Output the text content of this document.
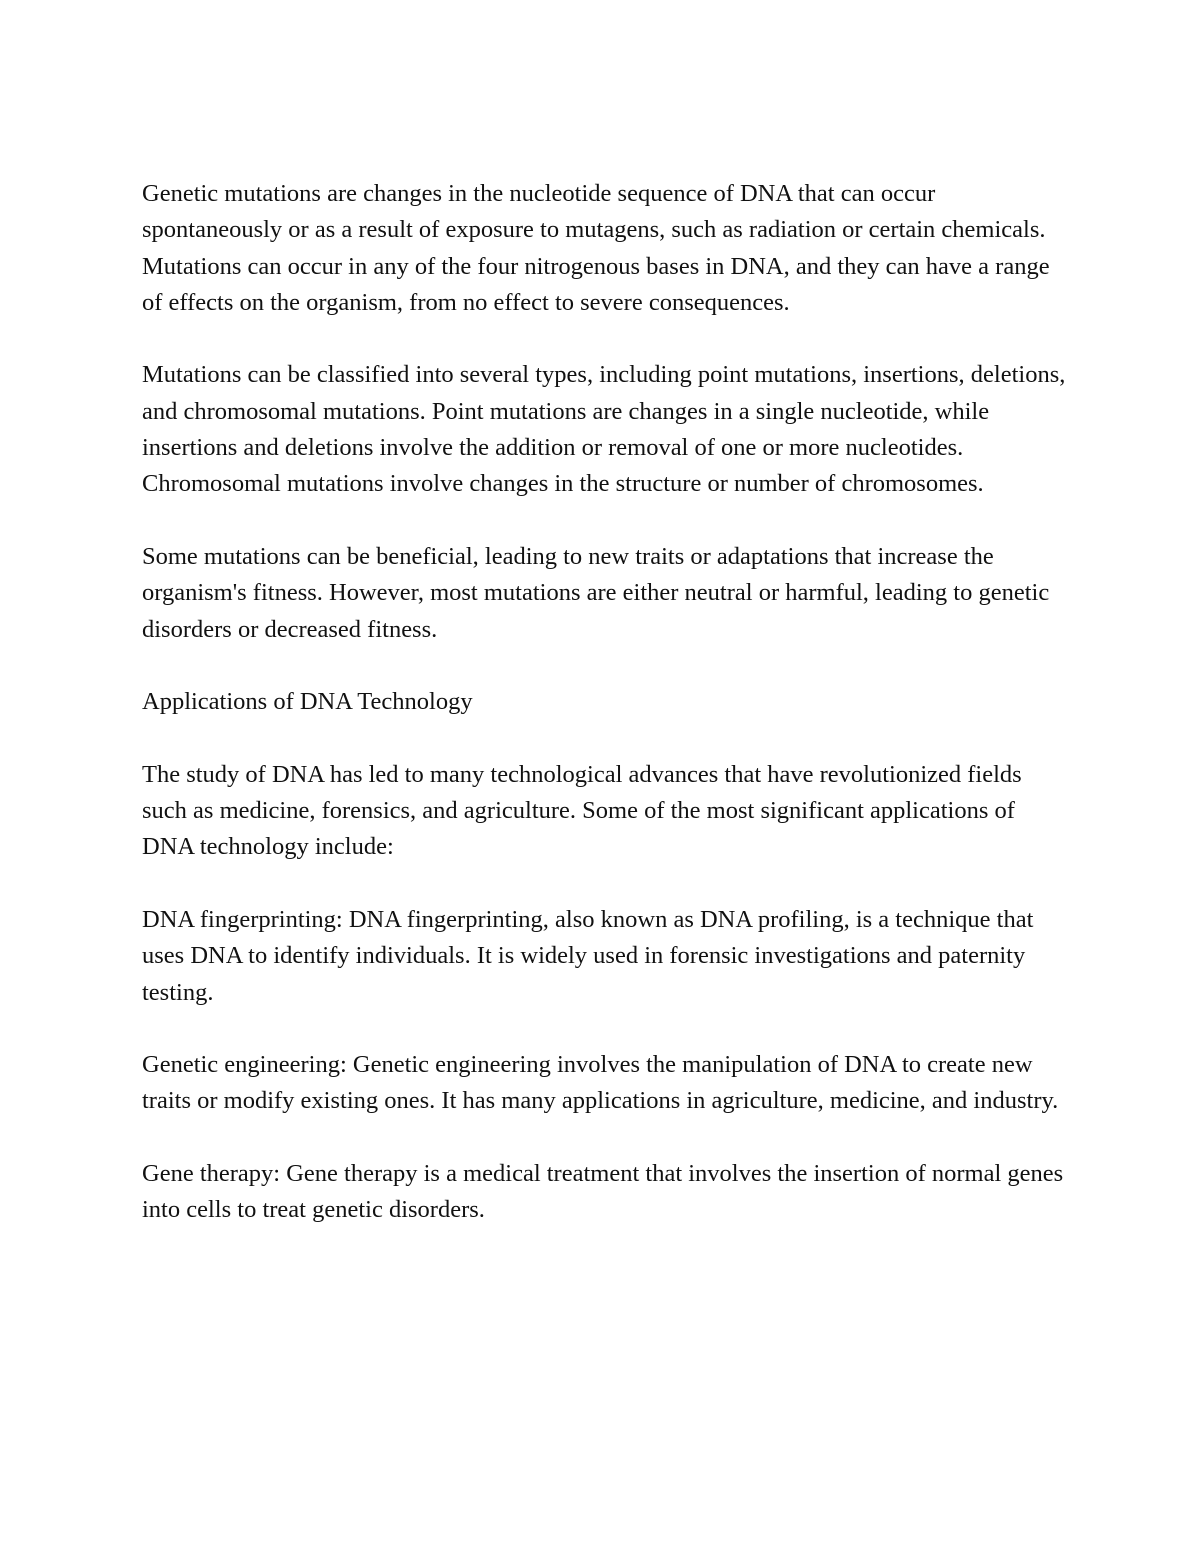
Genetic mutations are changes in the nucleotide sequence of DNA that can occur spontaneously or as a result of exposure to mutagens, such as radiation or certain chemicals. Mutations can occur in any of the four nitrogenous bases in DNA, and they can have a range of effects on the organism, from no effect to severe consequences.

Mutations can be classified into several types, including point mutations, insertions, deletions, and chromosomal mutations. Point mutations are changes in a single nucleotide, while insertions and deletions involve the addition or removal of one or more nucleotides. Chromosomal mutations involve changes in the structure or number of chromosomes.

Some mutations can be beneficial, leading to new traits or adaptations that increase the organism's fitness. However, most mutations are either neutral or harmful, leading to genetic disorders or decreased fitness.

Applications of DNA Technology

The study of DNA has led to many technological advances that have revolutionized fields such as medicine, forensics, and agriculture. Some of the most significant applications of DNA technology include:

DNA fingerprinting: DNA fingerprinting, also known as DNA profiling, is a technique that uses DNA to identify individuals. It is widely used in forensic investigations and paternity testing.

Genetic engineering: Genetic engineering involves the manipulation of DNA to create new traits or modify existing ones. It has many applications in agriculture, medicine, and industry.

Gene therapy: Gene therapy is a medical treatment that involves the insertion of normal genes into cells to treat genetic disorders.
